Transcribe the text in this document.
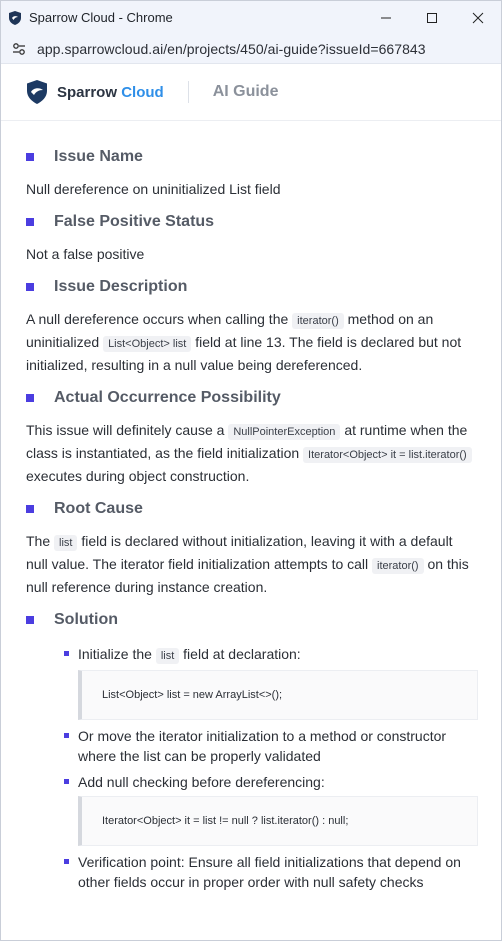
Sparrow Cloud - Chrome
app.sparrowcloud.ai/en/projects/450/ai-guide?issueId=667843
Sparrow Cloud	AI Guide
Issue Name

Null dereference on uninitialized List field

False Positive Status

Not a false positive

Issue Description

A null dereference occurs when calling the iterator() method on an uninitialized List<Object> list field at line 13. The field is declared but not initialized, resulting in a null value being dereferenced.

Actual Occurrence Possibility

This issue will definitely cause a NullPointerException at runtime when the class is instantiated, as the field initialization Iterator<Object> it = list.iterator() executes during object construction.

Root Cause

The list field is declared without initialization, leaving it with a default null value. The iterator field initialization attempts to call iterator() on this null reference during instance creation.

Solution
Initialize the list field at declaration:
List<Object> list = new ArrayList<>();
Or move the iterator initialization to a method or constructor where the list can be properly validated
Add null checking before dereferencing:
Iterator<Object> it = list != null ? list.iterator() : null;
Verification point: Ensure all field initializations that depend on other fields occur in proper order with null safety checks
